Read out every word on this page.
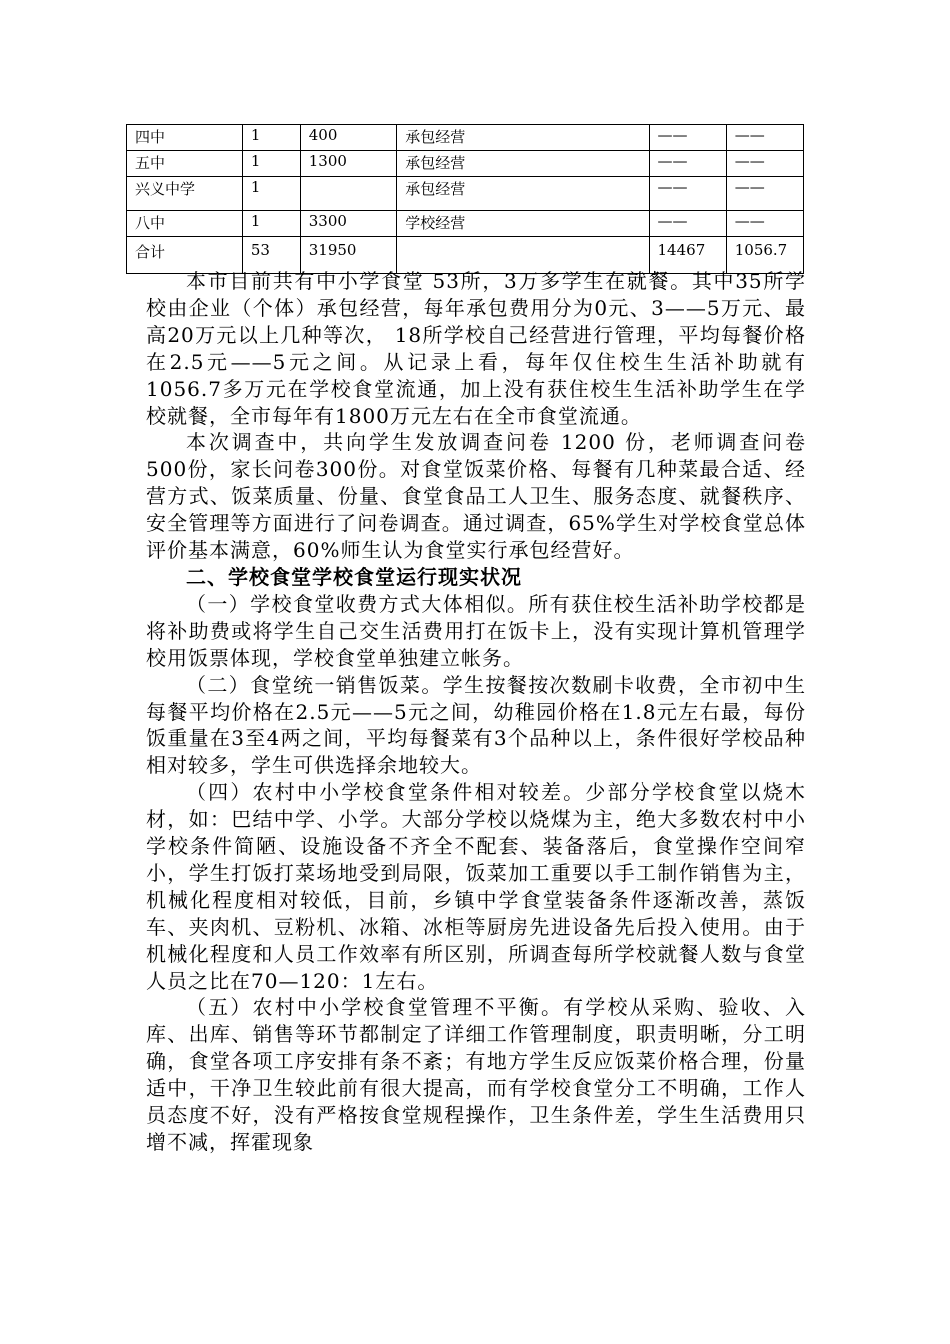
四中	1	400	承包经营	——	——
五中	1	1300	承包经营	——	——
兴义中学	1		承包经营	——	——
八中	1	3300	学校经营	——	——
合计	53	31950		14467	1056.7

本市目前共有中小学食堂 53所，3万多学生在就餐。其中35所学校由企业（个体）承包经营，每年承包费用分为0元、3——5万元、最高20万元以上几种等次， 18所学校自己经营进行管理，平均每餐价格在2.5元——5元之间。从记录上看，每年仅住校生生活补助就有1056.7多万元在学校食堂流通，加上没有获住校生生活补助学生在学校就餐，全市每年有1800万元左右在全市食堂流通。

本次调查中，共向学生发放调查问卷 1200 份，老师调查问卷 500份，家长问卷300份。对食堂饭菜价格、每餐有几种菜最合适、经营方式、饭菜质量、份量、食堂食品工人卫生、服务态度、就餐秩序、安全管理等方面进行了问卷调查。通过调查，65%学生对学校食堂总体评价基本满意，60%师生认为食堂实行承包经营好。

二、学校食堂学校食堂运行现实状况

（一）学校食堂收费方式大体相似。所有获住校生活补助学校都是将补助费或将学生自己交生活费用打在饭卡上，没有实现计算机管理学校用饭票体现，学校食堂单独建立帐务。

（二）食堂统一销售饭菜。学生按餐按次数刷卡收费，全市初中生每餐平均价格在2.5元——5元之间，幼稚园价格在1.8元左右最，每份饭重量在3至4两之间，平均每餐菜有3个品种以上，条件很好学校品种相对较多，学生可供选择余地较大。

（四）农村中小学校食堂条件相对较差。少部分学校食堂以烧木材，如：巴结中学、小学。大部分学校以烧煤为主，绝大多数农村中小学校条件简陋、设施设备不齐全不配套、装备落后，食堂操作空间窄小，学生打饭打菜场地受到局限，饭菜加工重要以手工制作销售为主，机械化程度相对较低，目前，乡镇中学食堂装备条件逐渐改善，蒸饭车、夹肉机、豆粉机、冰箱、冰柜等厨房先进设备先后投入使用。由于机械化程度和人员工作效率有所区别，所调查每所学校就餐人数与食堂人员之比在70—120：1左右。

（五）农村中小学校食堂管理不平衡。有学校从采购、验收、入库、出库、销售等环节都制定了详细工作管理制度，职责明晰，分工明确，食堂各项工序安排有条不紊；有地方学生反应饭菜价格合理，份量适中，干净卫生较此前有很大提高，而有学校食堂分工不明确，工作人员态度不好，没有严格按食堂规程操作，卫生条件差，学生生活费用只增不减，挥霍现象
